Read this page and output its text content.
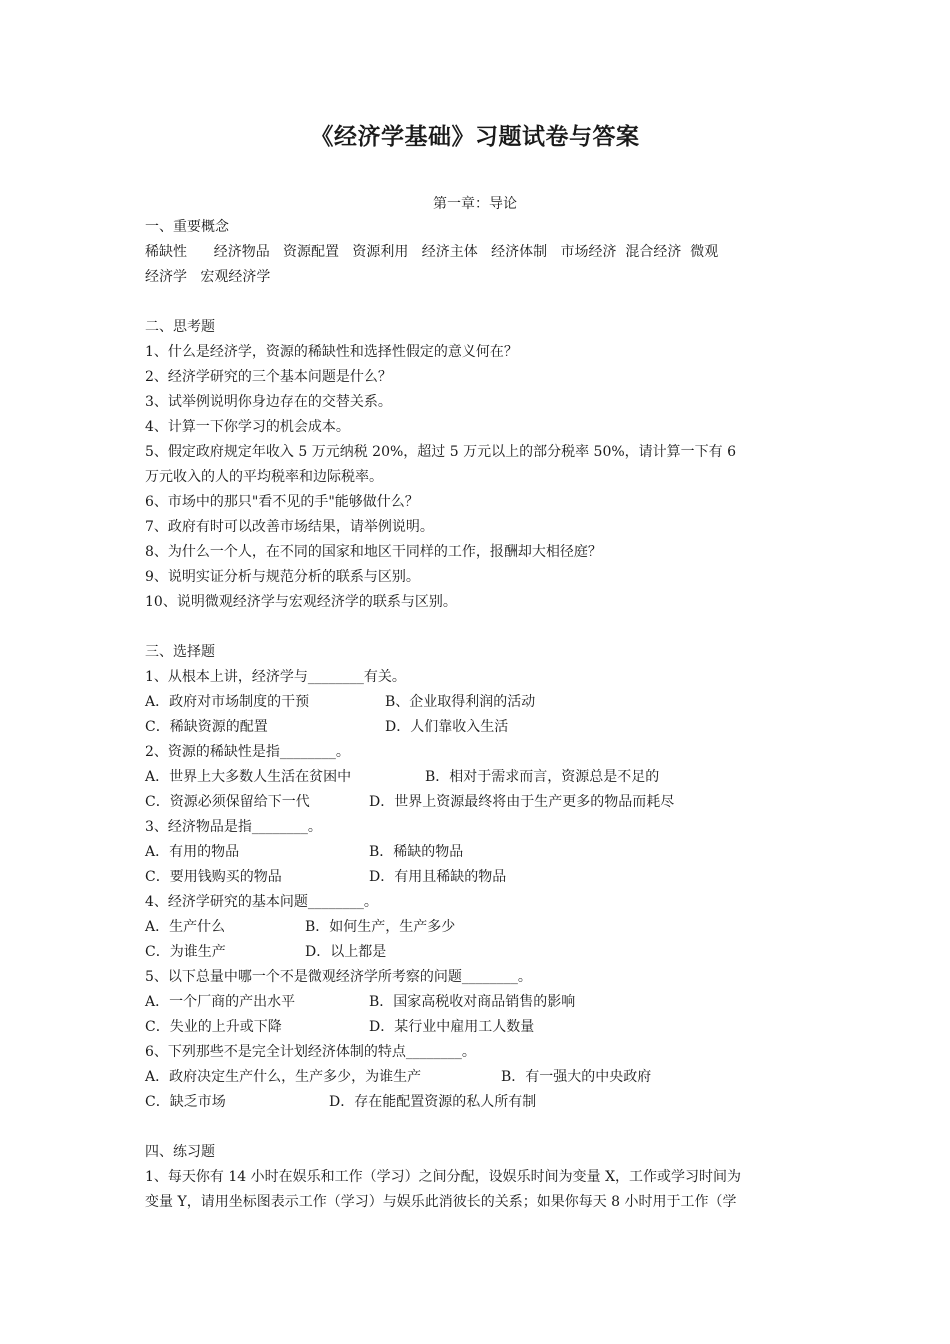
《经济学基础》习题试卷与答案
第一章：导论
一、重要概念
稀缺性      经济物品   资源配置   资源利用   经济主体   经济体制   市场经济  混合经济  微观
经济学   宏观经济学
二、思考题
1、什么是经济学，资源的稀缺性和选择性假定的意义何在？
2、经济学研究的三个基本问题是什么？
3、试举例说明你身边存在的交替关系。
4、计算一下你学习的机会成本。
5、假定政府规定年收入 5 万元纳税 20%，超过 5 万元以上的部分税率 50%，请计算一下有 6
万元收入的人的平均税率和边际税率。
6、市场中的那只"看不见的手"能够做什么？
7、政府有时可以改善市场结果，请举例说明。
8、为什么一个人，在不同的国家和地区干同样的工作，报酬却大相径庭？
9、说明实证分析与规范分析的联系与区别。
10、说明微观经济学与宏观经济学的联系与区别。
三、选择题
1、从根本上讲，经济学与________有关。
A．政府对市场制度的干预	B、企业取得利润的活动
C．稀缺资源的配置	D．人们靠收入生活
2、资源的稀缺性是指________。
A．世界上大多数人生活在贫困中	B．相对于需求而言，资源总是不足的
C．资源必须保留给下一代	D．世界上资源最终将由于生产更多的物品而耗尽
3、经济物品是指________。
A．有用的物品	B．稀缺的物品
C．要用钱购买的物品	D．有用且稀缺的物品
4、经济学研究的基本问题________。
A．生产什么	B．如何生产，生产多少
C．为谁生产	D．以上都是
5、以下总量中哪一个不是微观经济学所考察的问题________。
A．一个厂商的产出水平	B．国家高税收对商品销售的影响
C．失业的上升或下降	D．某行业中雇用工人数量
6、下列那些不是完全计划经济体制的特点________。
A．政府决定生产什么，生产多少，为谁生产	B．有一强大的中央政府
C．缺乏市场	D．存在能配置资源的私人所有制
四、练习题
1、每天你有 14 小时在娱乐和工作（学习）之间分配，设娱乐时间为变量 X，工作或学习时间为
变量 Y，请用坐标图表示工作（学习）与娱乐此消彼长的关系；如果你每天 8 小时用于工作（学
